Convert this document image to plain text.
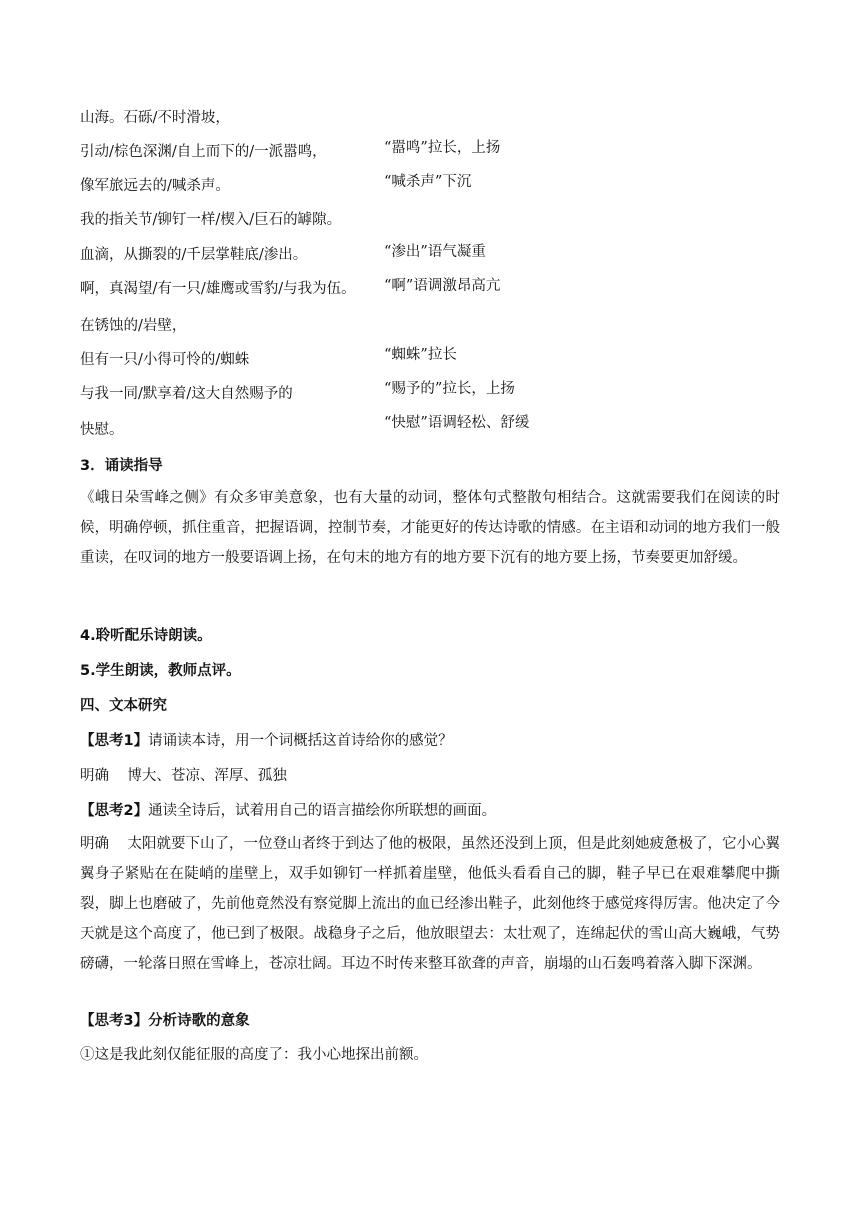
山海。石砾/不时滑坡，
引动/棕色深渊/自上而下的/一派嚣鸣，	“嚣鸣”拉长，上扬
像军旅远去的/喊杀声。	“喊杀声”下沉
我的指关节/铆钉一样/楔入/巨石的罅隙。
血滴，从撕裂的/千层掌鞋底/渗出。	“渗出”语气凝重
啊，真渴望/有一只/雄鹰或雪豹/与我为伍。 “啊”语调激昂高亢
在锈蚀的/岩壁，
但有一只/小得可怜的/蜘蛛	“蜘蛛”拉长
与我一同/默享着/这大自然赐予的	“赐予的”拉长，上扬
快慰。	“快慰”语调轻松、舒缓
3．诵读指导
《峨日朵雪峰之侧》有众多审美意象，也有大量的动词，整体句式整散句相结合。这就需要我们在阅读的时候，明确停顿，抓住重音，把握语调，控制节奏，才能更好的传达诗歌的情感。在主语和动词的地方我们一般重读，在叹词的地方一般要语调上扬，在句末的地方有的地方要下沉有的地方要上扬，节奏要更加舒缓。
4.聆听配乐诗朗读。
5.学生朗读，教师点评。
四、文本研究
【思考1】请诵读本诗，用一个词概括这首诗给你的感觉？
明确    博大、苍凉、浑厚、孤独
【思考2】通读全诗后，试着用自己的语言描绘你所联想的画面。
明确    太阳就要下山了，一位登山者终于到达了他的极限，虽然还没到上顶，但是此刻她疲惫极了，它小心翼翼身子紧贴在在陡峭的崖壁上，双手如铆钉一样抓着崖壁，他低头看看自己的脚，鞋子早已在艰难攀爬中撕裂，脚上也磨破了，先前他竟然没有察觉脚上流出的血已经渗出鞋子，此刻他终于感觉疼得厉害。他决定了今天就是这个高度了，他已到了极限。战稳身子之后，他放眼望去：太壮观了，连绵起伏的雪山高大巍峨，气势磅礴，一轮落日照在雪峰上，苍凉壮阔。耳边不时传来整耳欲聋的声音，崩塌的山石轰鸣着落入脚下深渊。
【思考3】分析诗歌的意象
①这是我此刻仅能征服的高度了：我小心地探出前额。
